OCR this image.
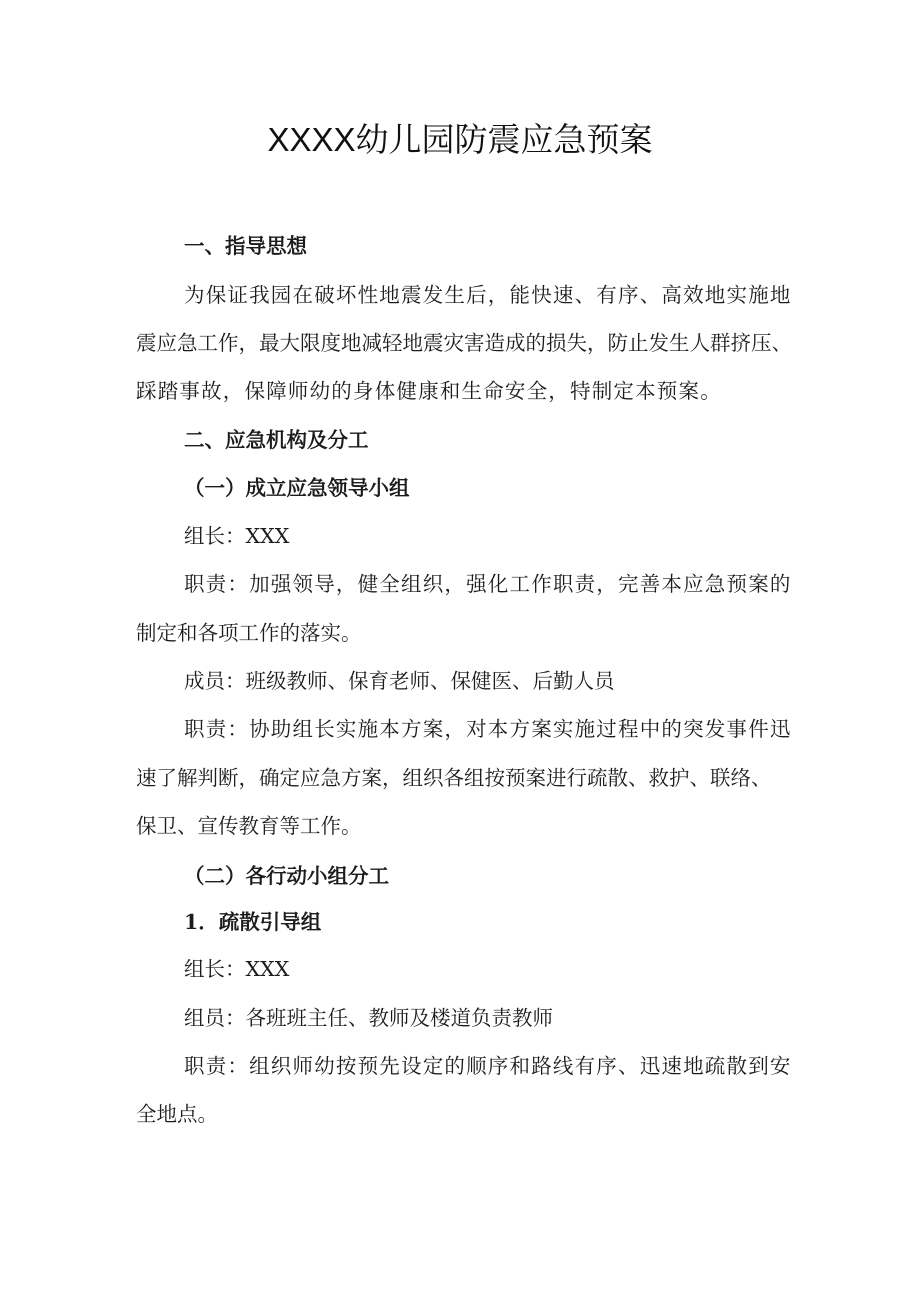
XXXX幼儿园防震应急预案
一、指导思想
为保证我园在破坏性地震发生后，能快速、有序、高效地实施地
震应急工作，最大限度地减轻地震灾害造成的损失，防止发生人群挤压、
踩踏事故，保障师幼的身体健康和生命安全，特制定本预案。
二、应急机构及分工
（一）成立应急领导小组
组长：XXX
职责：加强领导，健全组织，强化工作职责，完善本应急预案的
制定和各项工作的落实。
成员：班级教师、保育老师、保健医、后勤人员
职责：协助组长实施本方案，对本方案实施过程中的突发事件迅
速了解判断，确定应急方案，组织各组按预案进行疏散、救护、联络、
保卫、宣传教育等工作。
（二）各行动小组分工
1．疏散引导组
组长：XXX
组员：各班班主任、教师及楼道负责教师
职责：组织师幼按预先设定的顺序和路线有序、迅速地疏散到安
全地点。
